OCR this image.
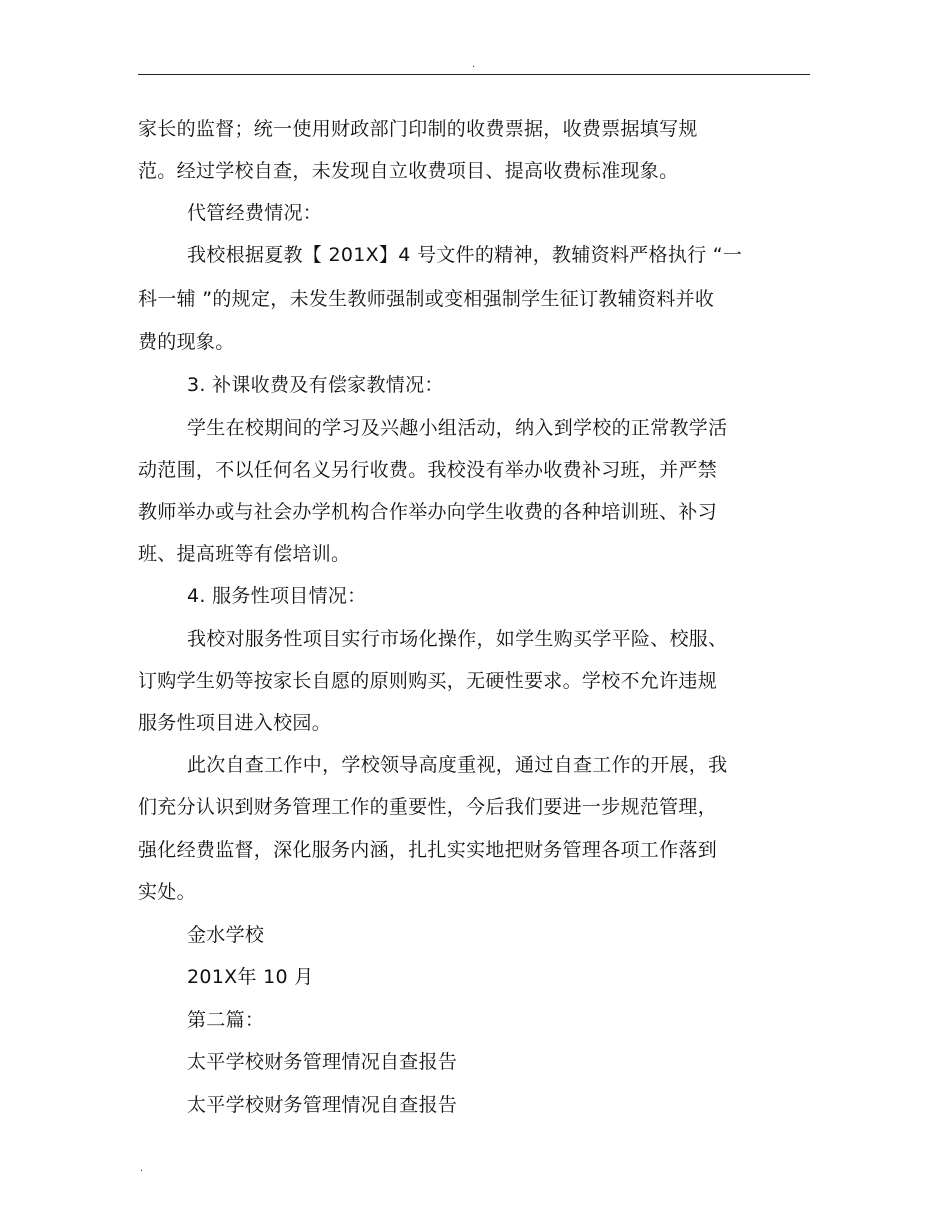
.
家长的监督；统一使用财政部门印制的收费票据，收费票据填写规
范。经过学校自查，未发现自立收费项目、提高收费标准现象。
代管经费情况：
我校根据夏教【 201X】4 号文件的精神，教辅资料严格执行 “一
科一辅 ”的规定，未发生教师强制或变相强制学生征订教辅资料并收
费的现象。
3. 补课收费及有偿家教情况：
学生在校期间的学习及兴趣小组活动，纳入到学校的正常教学活
动范围，不以任何名义另行收费。我校没有举办收费补习班，并严禁
教师举办或与社会办学机构合作举办向学生收费的各种培训班、补习
班、提高班等有偿培训。
4. 服务性项目情况：
我校对服务性项目实行市场化操作，如学生购买学平险、校服、
订购学生奶等按家长自愿的原则购买，无硬性要求。学校不允许违规
服务性项目进入校园。
此次自查工作中，学校领导高度重视，通过自查工作的开展，我
们充分认识到财务管理工作的重要性，今后我们要进一步规范管理，
强化经费监督，深化服务内涵，扎扎实实地把财务管理各项工作落到
实处。
金水学校
201X年 10 月
第二篇：
太平学校财务管理情况自查报告
太平学校财务管理情况自查报告
.
